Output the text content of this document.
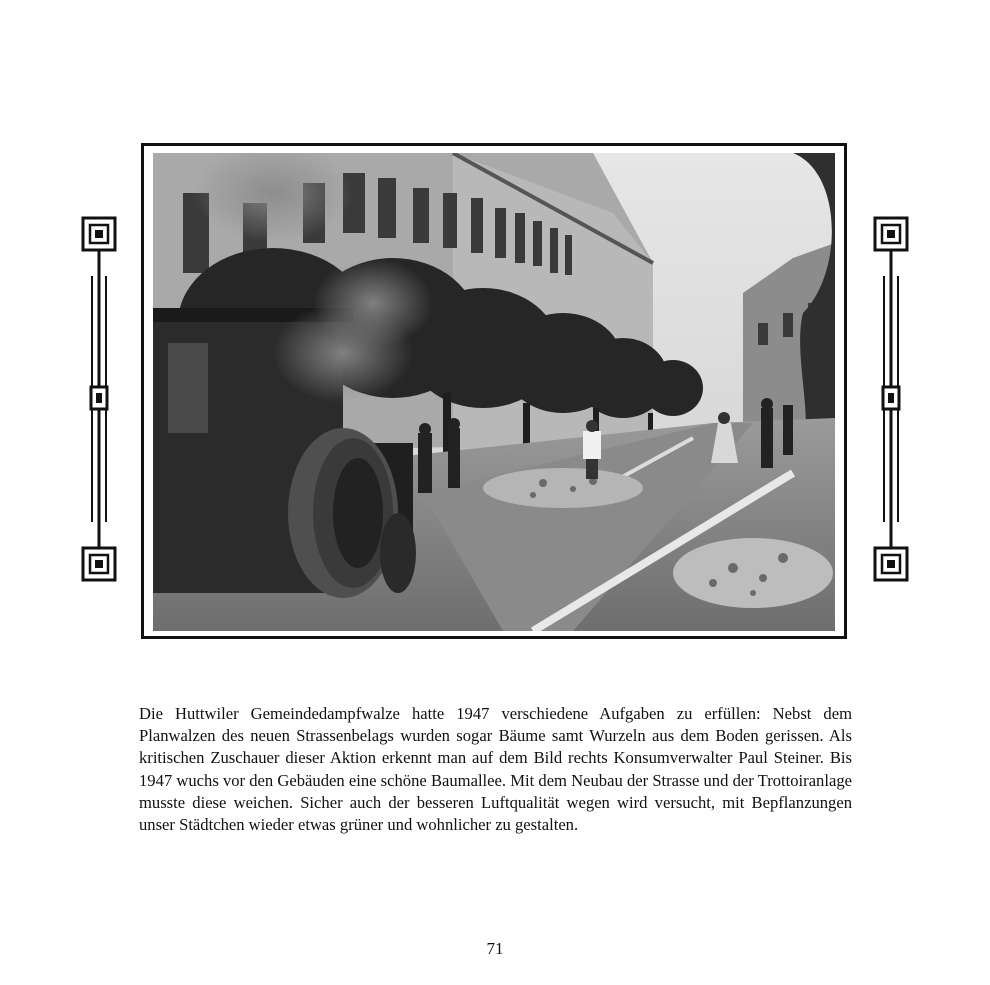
Die Huttwiler Gemeindedampfwalze hatte 1947 verschiedene Aufgaben zu erfüllen: Nebst dem Planwalzen des neuen Strassenbelags wurden sogar Bäume samt Wurzeln aus dem Boden gerissen. Als kritischen Zuschauer dieser Aktion erkennt man auf dem Bild rechts Konsumverwalter Paul Steiner. Bis 1947 wuchs vor den Gebäuden eine schöne Baumallee. Mit dem Neubau der Strasse und der Trottoiranlage musste diese weichen. Sicher auch der besseren Luftqualität wegen wird versucht, mit Bepflanzungen unser Städtchen wieder etwas grüner und wohnlicher zu gestalten.

71
